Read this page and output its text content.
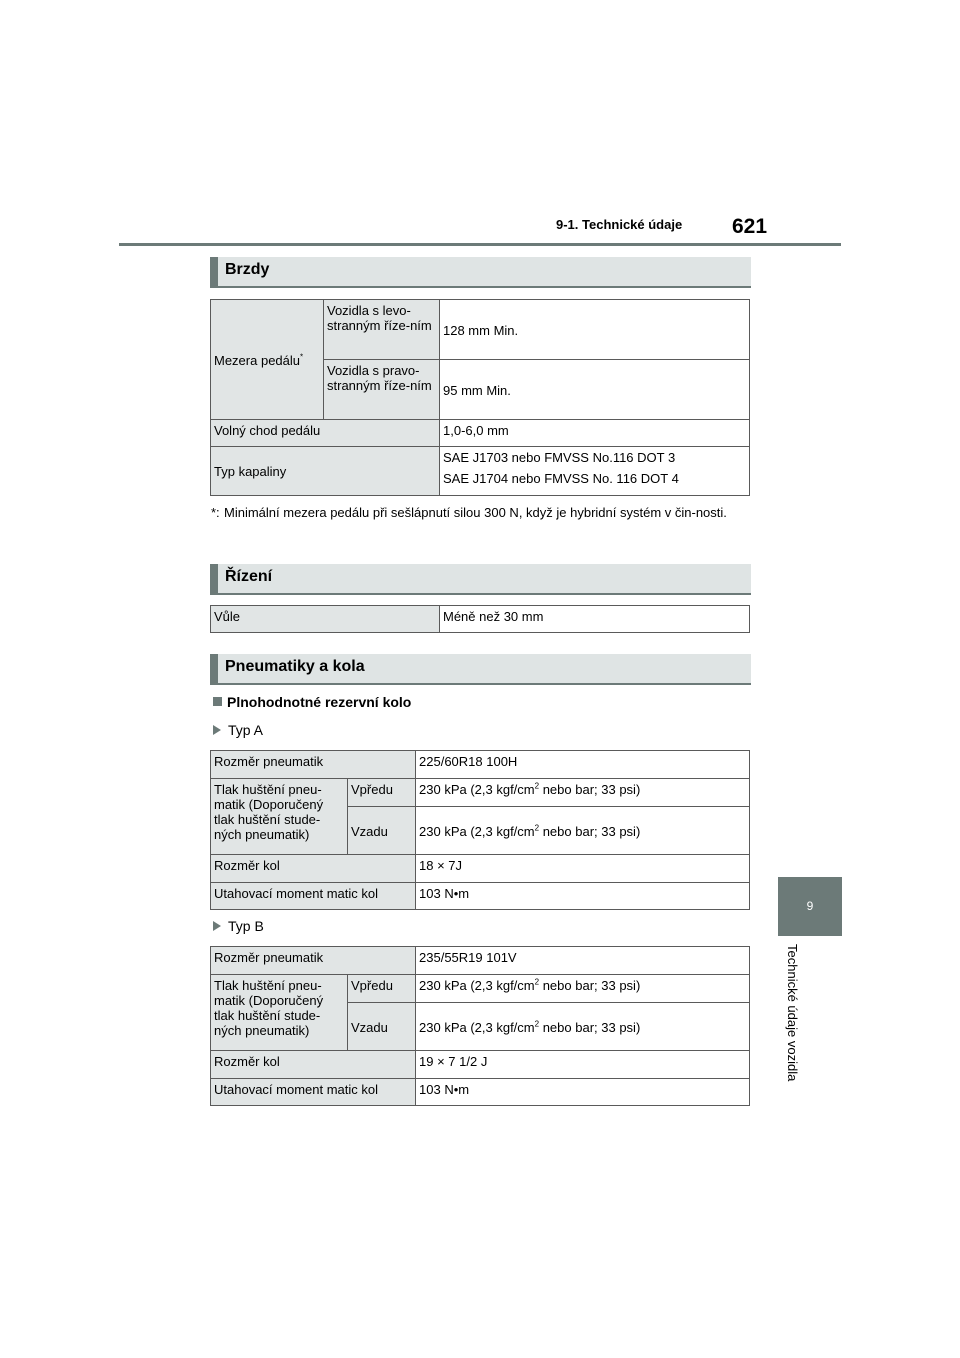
9-1. Technické údaje 621
9
Technické údaje vozidla
Brzdy
Mezera pedálu*	Vozidla s levo-stranným říze-ním	128 mm Min.
	Vozidla s pravo-stranným říze-ním	95 mm Min.
Volný chod pedálu		1,0-6,0 mm
Typ kapaliny		SAE J1703 nebo FMVSS No.116 DOT 3
SAE J1704 nebo FMVSS No. 116 DOT 4
*: Minimální mezera pedálu při sešlápnutí silou 300 N, když je hybridní systém v čin-nosti.
Řízení
Vůle	Méně než 30 mm
Pneumatiky a kola
Plnohodnotné rezervní kolo
Typ A
Rozměr pneumatik		225/60R18 100H
Tlak huštění pneu-matik (Doporučený tlak huštění stude-ných pneumatik)	Vpředu	230 kPa (2,3 kgf/$cm^2$ nebo bar; 33 psi)
	Vzadu	230 kPa (2,3 kgf/$cm^2$ nebo bar; 33 psi)
Rozměr kol		18 × 7J
Utahovací moment matic kol		103 N•m
Typ B
Rozměr pneumatik		235/55R19 101V
Tlak huštění pneu-matik (Doporučený tlak huštění stude-ných pneumatik)	Vpředu	230 kPa (2,3 kgf/$cm^2$ nebo bar; 33 psi)
	Vzadu	230 kPa (2,3 kgf/$cm^2$ nebo bar; 33 psi)
Rozměr kol		19 × 7 1/2 J
Utahovací moment matic kol		103 N•m
